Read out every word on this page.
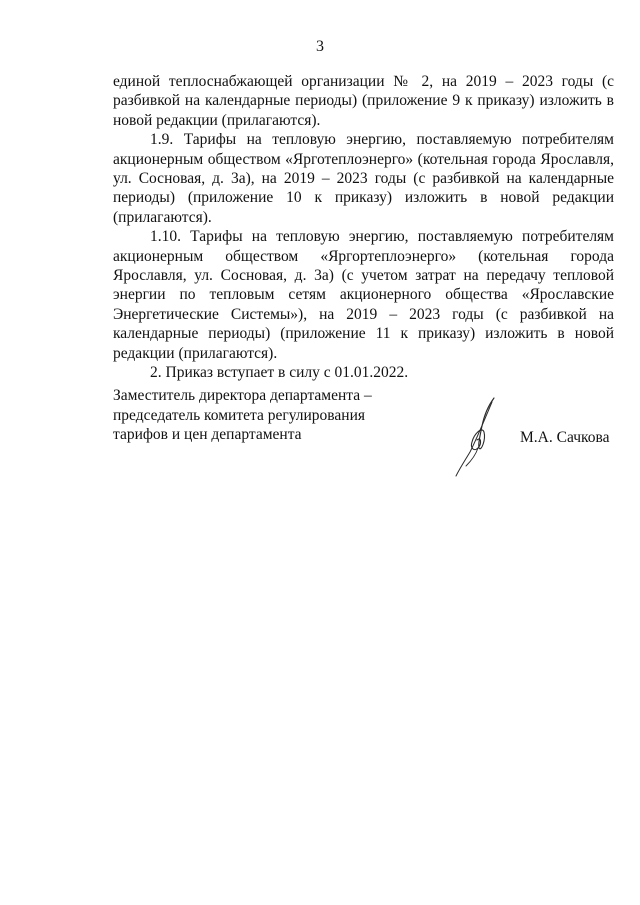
3

единой теплоснабжающей организации № 2, на 2019 – 2023 годы (с разбивкой на календарные периоды) (приложение 9 к приказу) изложить в новой редакции (прилагаются).

1.9. Тарифы на тепловую энергию, поставляемую потребителям акционерным обществом «Ярготеплоэнерго» (котельная города Ярославля, ул. Сосновая, д. 3а), на 2019 – 2023 годы (с разбивкой на календарные периоды) (приложение 10 к приказу) изложить в новой редакции (прилагаются).

1.10. Тарифы на тепловую энергию, поставляемую потребителям акционерным обществом «Яргортеплоэнерго» (котельная города Ярославля, ул. Сосновая, д. 3а) (с учетом затрат на передачу тепловой энергии по тепловым сетям акционерного общества «Ярославские Энергетические Системы»), на 2019 – 2023 годы (с разбивкой на календарные периоды) (приложение 11 к приказу) изложить в новой редакции (прилагаются).

2. Приказ вступает в силу с 01.01.2022.

Заместитель директора департамента –
председатель комитета регулирования
тарифов и цен департамента	М.А. Сачкова
